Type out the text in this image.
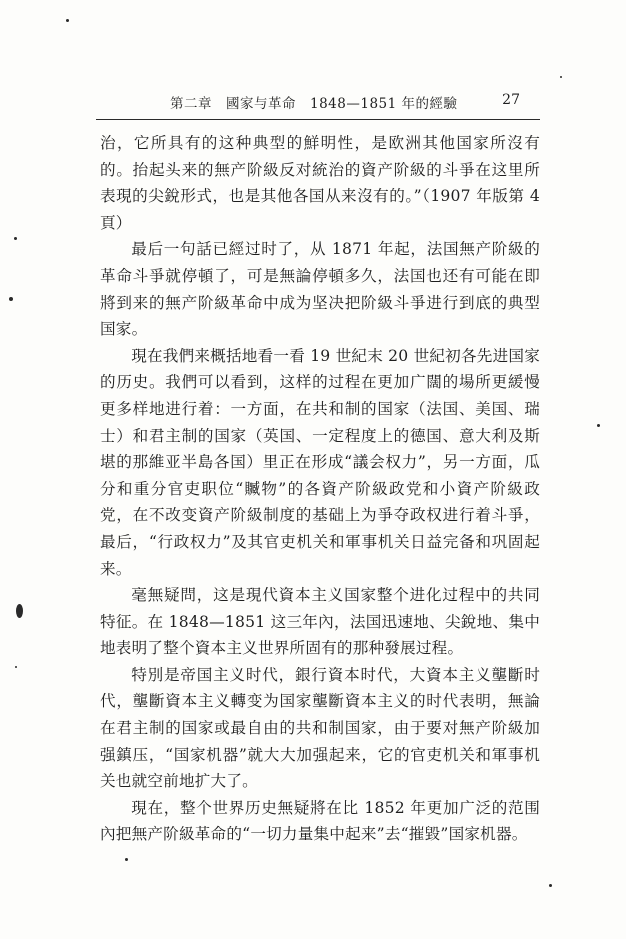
第二章　國家与革命　1848—1851 年的經驗	27

治，它所具有的这种典型的鮮明性，是欧洲其他国家所沒有的。抬起头来的無产阶級反对統治的資产阶級的斗爭在这里所表現的尖銳形式，也是其他各国从来沒有的。”（1907 年版第 4 頁）

最后一句話已經过时了，从 1871 年起，法国無产阶級的革命斗爭就停頓了，可是無論停頓多久，法国也还有可能在即將到来的無产阶級革命中成为坚决把阶級斗爭进行到底的典型国家。

現在我們来概括地看一看 19 世紀末 20 世紀初各先进国家的历史。我們可以看到，这样的过程在更加广闊的場所更緩慢更多样地进行着：一方面，在共和制的国家（法国、美国、瑞士）和君主制的国家（英国、一定程度上的德国、意大利及斯堪的那維亚半島各国）里正在形成“議会权力”，另一方面，瓜分和重分官吏职位“贓物”的各資产阶級政党和小資产阶級政党，在不改变資产阶級制度的基础上为爭夺政权进行着斗爭，最后，“行政权力”及其官吏机关和軍事机关日益完备和巩固起来。

毫無疑問，这是現代資本主义国家整个进化过程中的共同特征。在 1848—1851 这三年內，法国迅速地、尖銳地、集中地表明了整个資本主义世界所固有的那种發展过程。

特別是帝国主义时代，銀行資本时代，大資本主义壟斷时代，壟斷資本主义轉变为国家壟斷資本主义的时代表明，無論在君主制的国家或最自由的共和制国家，由于要对無产阶級加强鎮压，“国家机器”就大大加强起来，它的官吏机关和軍事机关也就空前地扩大了。

現在，整个世界历史無疑將在比 1852 年更加广泛的范围內把無产阶級革命的“一切力量集中起来”去“摧毀”国家机器。
